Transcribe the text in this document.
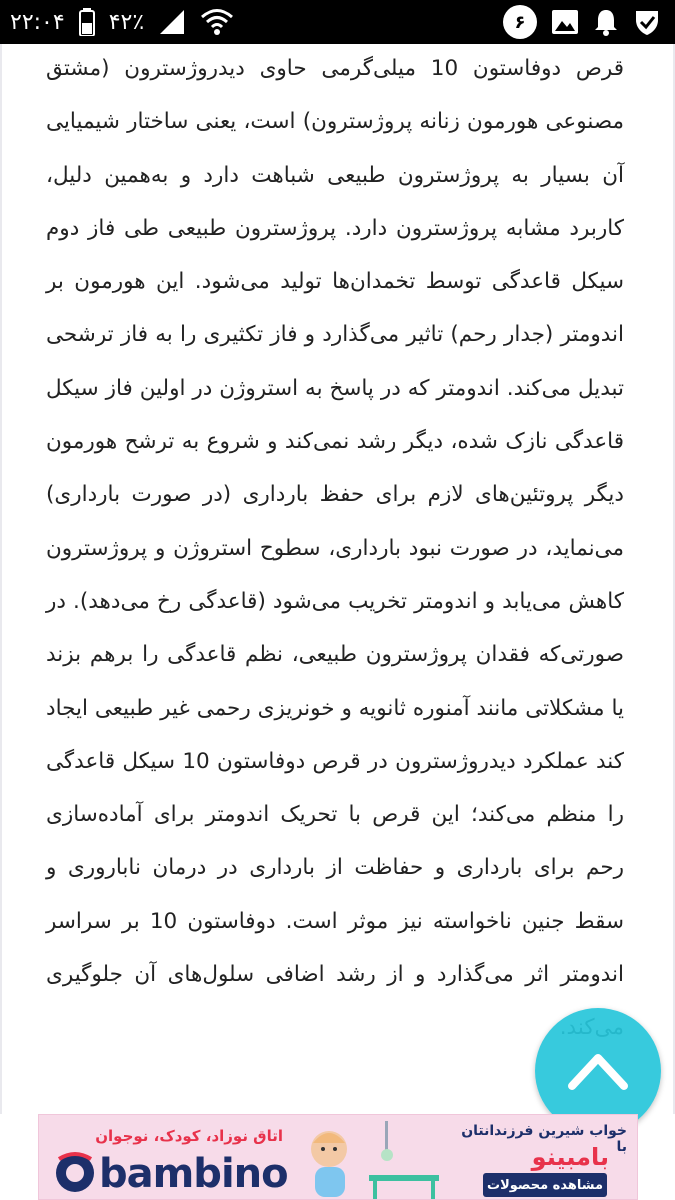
۲۲:۰۴ ۴۲٪	۶

قرص دوفاستون 10 میلی‌گرمی حاوی دیدروژسترون (مشتق مصنوعی هورمون زنانه پروژسترون) است، یعنی ساختار شیمیایی آن بسیار به پروژسترون طبیعی شباهت دارد و به‌همین دلیل، کاربرد مشابه پروژسترون دارد. پروژسترون طبیعی طی فاز دوم سیکل قاعدگی توسط تخمدان‌ها تولید می‌شود. این هورمون بر اندومتر (جدار رحم) تاثیر می‌گذارد و فاز تکثیری را به فاز ترشحی تبدیل می‌کند. اندومتر که در پاسخ به استروژن در اولین فاز سیکل قاعدگی نازک شده، دیگر رشد نمی‌کند و شروع به ترشح هورمون دیگر پروتئین‌های لازم برای حفظ بارداری (در صورت بارداری) می‌نماید، در صورت نبود بارداری، سطوح استروژن و پروژسترون کاهش می‌یابد و اندومتر تخریب می‌شود (قاعدگی رخ می‌دهد). در صورتی‌که فقدان پروژسترون طبیعی، نظم قاعدگی را برهم بزند یا مشکلاتی مانند آمنوره ثانویه و خونریزی رحمی غیر طبیعی ایجاد کند عملکرد دیدروژسترون در قرص دوفاستون 10 سیکل قاعدگی را منظم می‌کند؛ این قرص با تحریک اندومتر برای آماده‌سازی رحم برای بارداری و حفاظت از بارداری در درمان ناباروری و سقط جنین ناخواسته نیز موثر است. دوفاستون 10 بر سراسر اندومتر اثر می‌گذارد و از رشد اضافی سلول‌های آن جلوگیری

اتاق نوزاد، کودک، نوجوان
bambino
خواب شیرین فرزندانتان با
بامبینو
مشاهده محصولات
